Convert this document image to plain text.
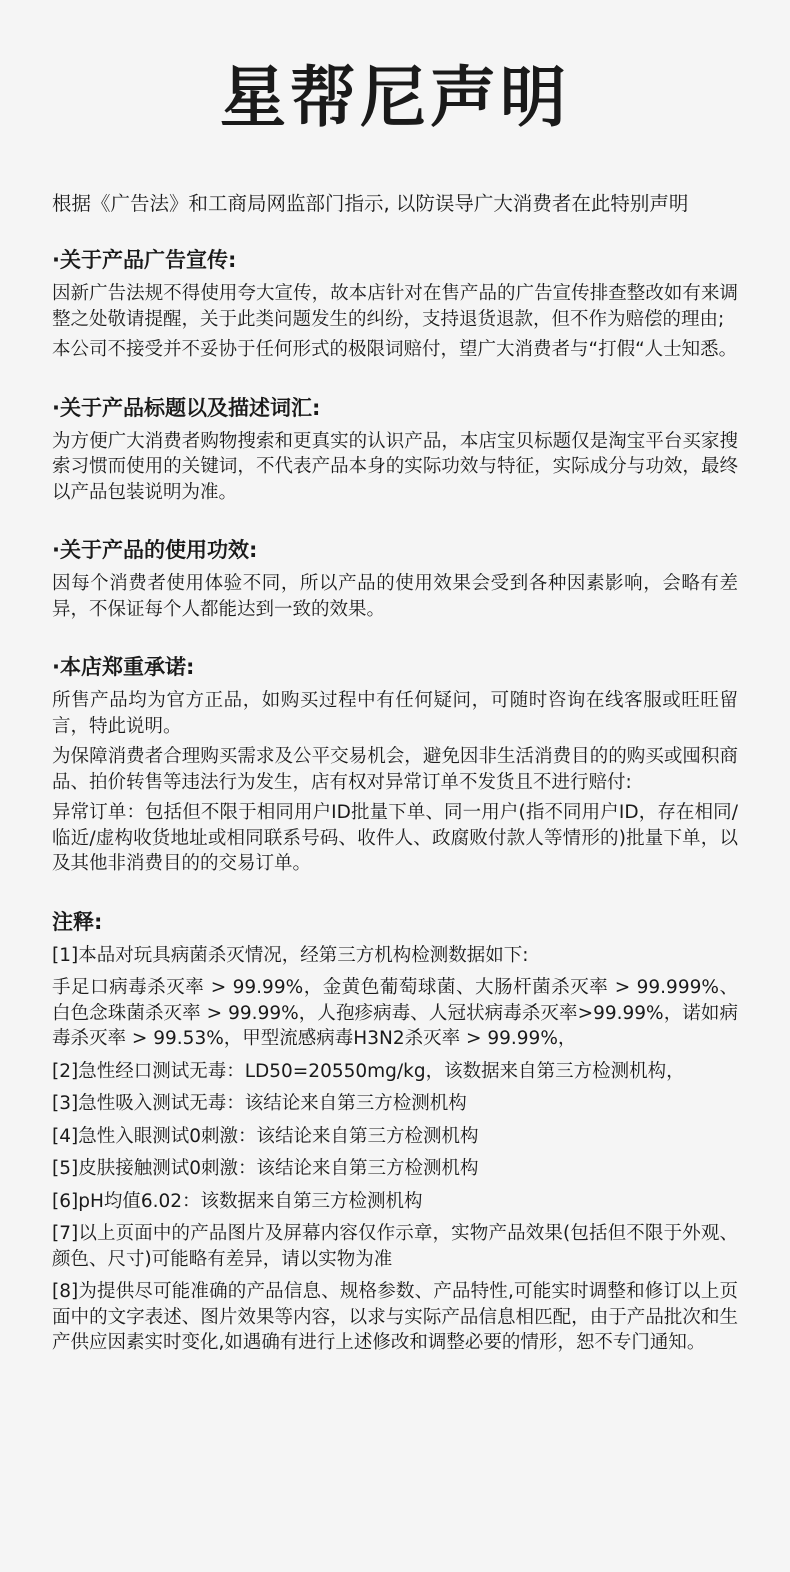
星帮尼声明
根据《广告法》和工商局网监部门指示, 以防误导广大消费者在此特别声明
·关于产品广告宣传:

因新广告法规不得使用夸大宣传，故本店针对在售产品的广告宣传排查整改如有来调整之处敬请提醒，关于此类问题发生的纠纷，支持退货退款，但不作为赔偿的理由;

本公司不接受并不妥协于任何形式的极限词赔付，望广大消费者与“打假“人士知悉。

·关于产品标题以及描述词汇:

为方便广大消费者购物搜索和更真实的认识产品，本店宝贝标题仅是淘宝平台买家搜索习惯而使用的关键词，不代表产品本身的实际功效与特征，实际成分与功效，最终以产品包装说明为准。

·关于产品的使用功效:

因每个消费者使用体验不同，所以产品的使用效果会受到各种因素影响，会略有差异，不保证每个人都能达到一致的效果。

·本店郑重承诺:

所售产品均为官方正品，如购买过程中有任何疑问，可随时咨询在线客服或旺旺留言，特此说明。

为保障消费者合理购买需求及公平交易机会，避免因非生活消费目的的购买或囤积商品、拍价转售等违法行为发生，店有权对异常订单不发货且不进行赔付:

异常订单：包括但不限于相同用户ID批量下单、同一用户(指不同用户ID，存在相同/临近/虚构收货地址或相同联系号码、收件人、政腐败付款人等情形的)批量下单，以及其他非消费目的的交易订单。

注释:

[1]本品对玩具病菌杀灭情况，经第三方机构检测数据如下:

手足口病毒杀灭率 > 99.99%，金黄色葡萄球菌、大肠杆菌杀灭率 > 99.999%、白色念珠菌杀灭率 > 99.99%，人孢疹病毒、人冠状病毒杀灭率>99.99%，诺如病毒杀灭率 > 99.53%，甲型流感病毒H3N2杀灭率 > 99.99%，

[2]急性经口测试无毒：LD50=20550mg/kg，该数据来自第三方检测机构，

[3]急性吸入测试无毒：该结论来自第三方检测机构

[4]急性入眼测试0刺激：该结论来自第三方检测机构

[5]皮肤接触测试0刺激：该结论来自第三方检测机构

[6]pH均值6.02：该数据来自第三方检测机构

[7]以上页面中的产品图片及屏幕内容仅作示章，实物产品效果(包括但不限于外观、颜色、尺寸)可能略有差异，请以实物为准

[8]为提供尽可能准确的产品信息、规格参数、产品特性,可能实时调整和修订以上页面中的文字表述、图片效果等内容，以求与实际产品信息相匹配，由于产品批次和生产供应因素实时变化,如遇确有进行上述修改和调整必要的情形，恕不专门通知。
